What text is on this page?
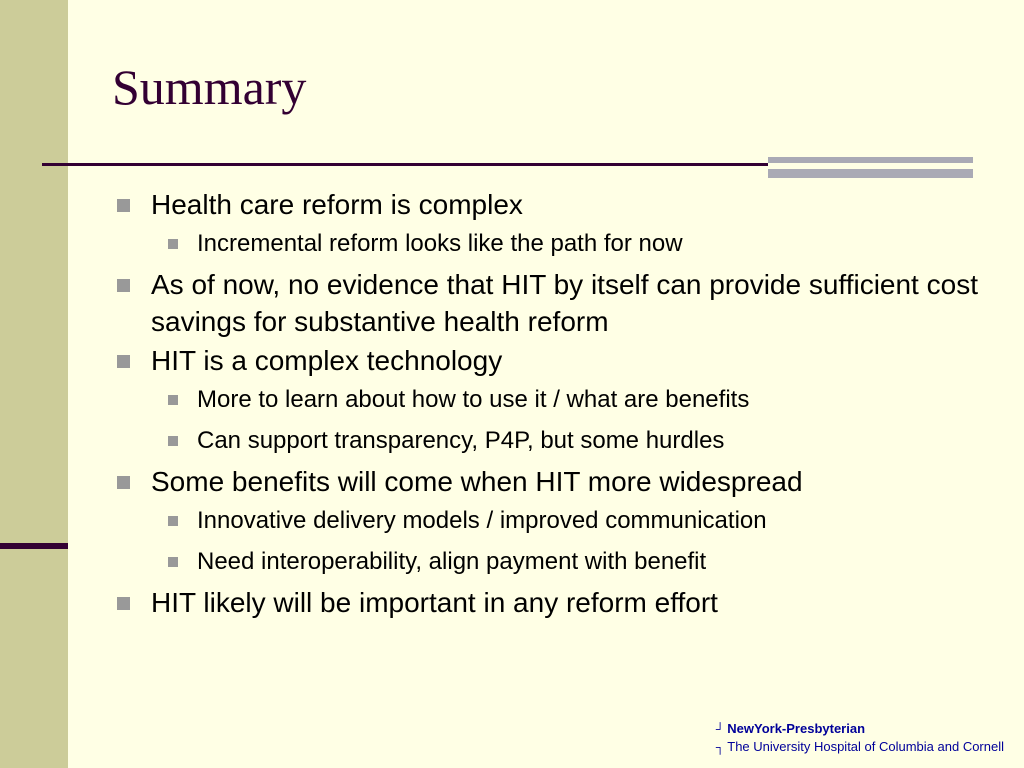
Summary
Health care reform is complex
Incremental reform looks like the path for now
As of now, no evidence that HIT by itself can provide sufficient cost savings for substantive health reform
HIT is a complex technology
More to learn about how to use it / what are benefits
Can support transparency, P4P, but some hurdles
Some benefits will come when HIT more widespread
Innovative delivery models / improved communication
Need interoperability, align payment with benefit
HIT likely will be important in any reform effort
┘ NewYork-Presbyterian
┐ The University Hospital of Columbia and Cornell
